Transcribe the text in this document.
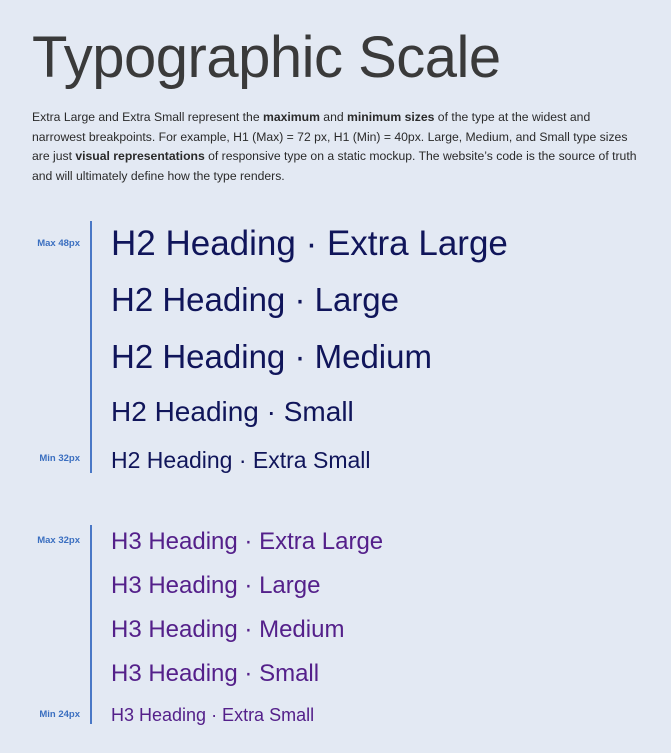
Typographic Scale

Extra Large and Extra Small represent the maximum and minimum sizes of the type at the widest and narrowest breakpoints. For example, H1 (Max) = 72 px, H1 (Min) = 40px. Large, Medium, and Small type sizes are just visual representations of responsive type on a static mockup. The website’s code is the source of truth and will ultimately define how the type renders.

Max 48px
Min 32px
H2 Heading · Extra Large
H2 Heading · Large
H2 Heading · Medium
H2 Heading · Small
H2 Heading · Extra Small
Max 32px
Min 24px
H3 Heading · Extra Large
H3 Heading · Large
H3 Heading · Medium
H3 Heading · Small
H3 Heading · Extra Small
